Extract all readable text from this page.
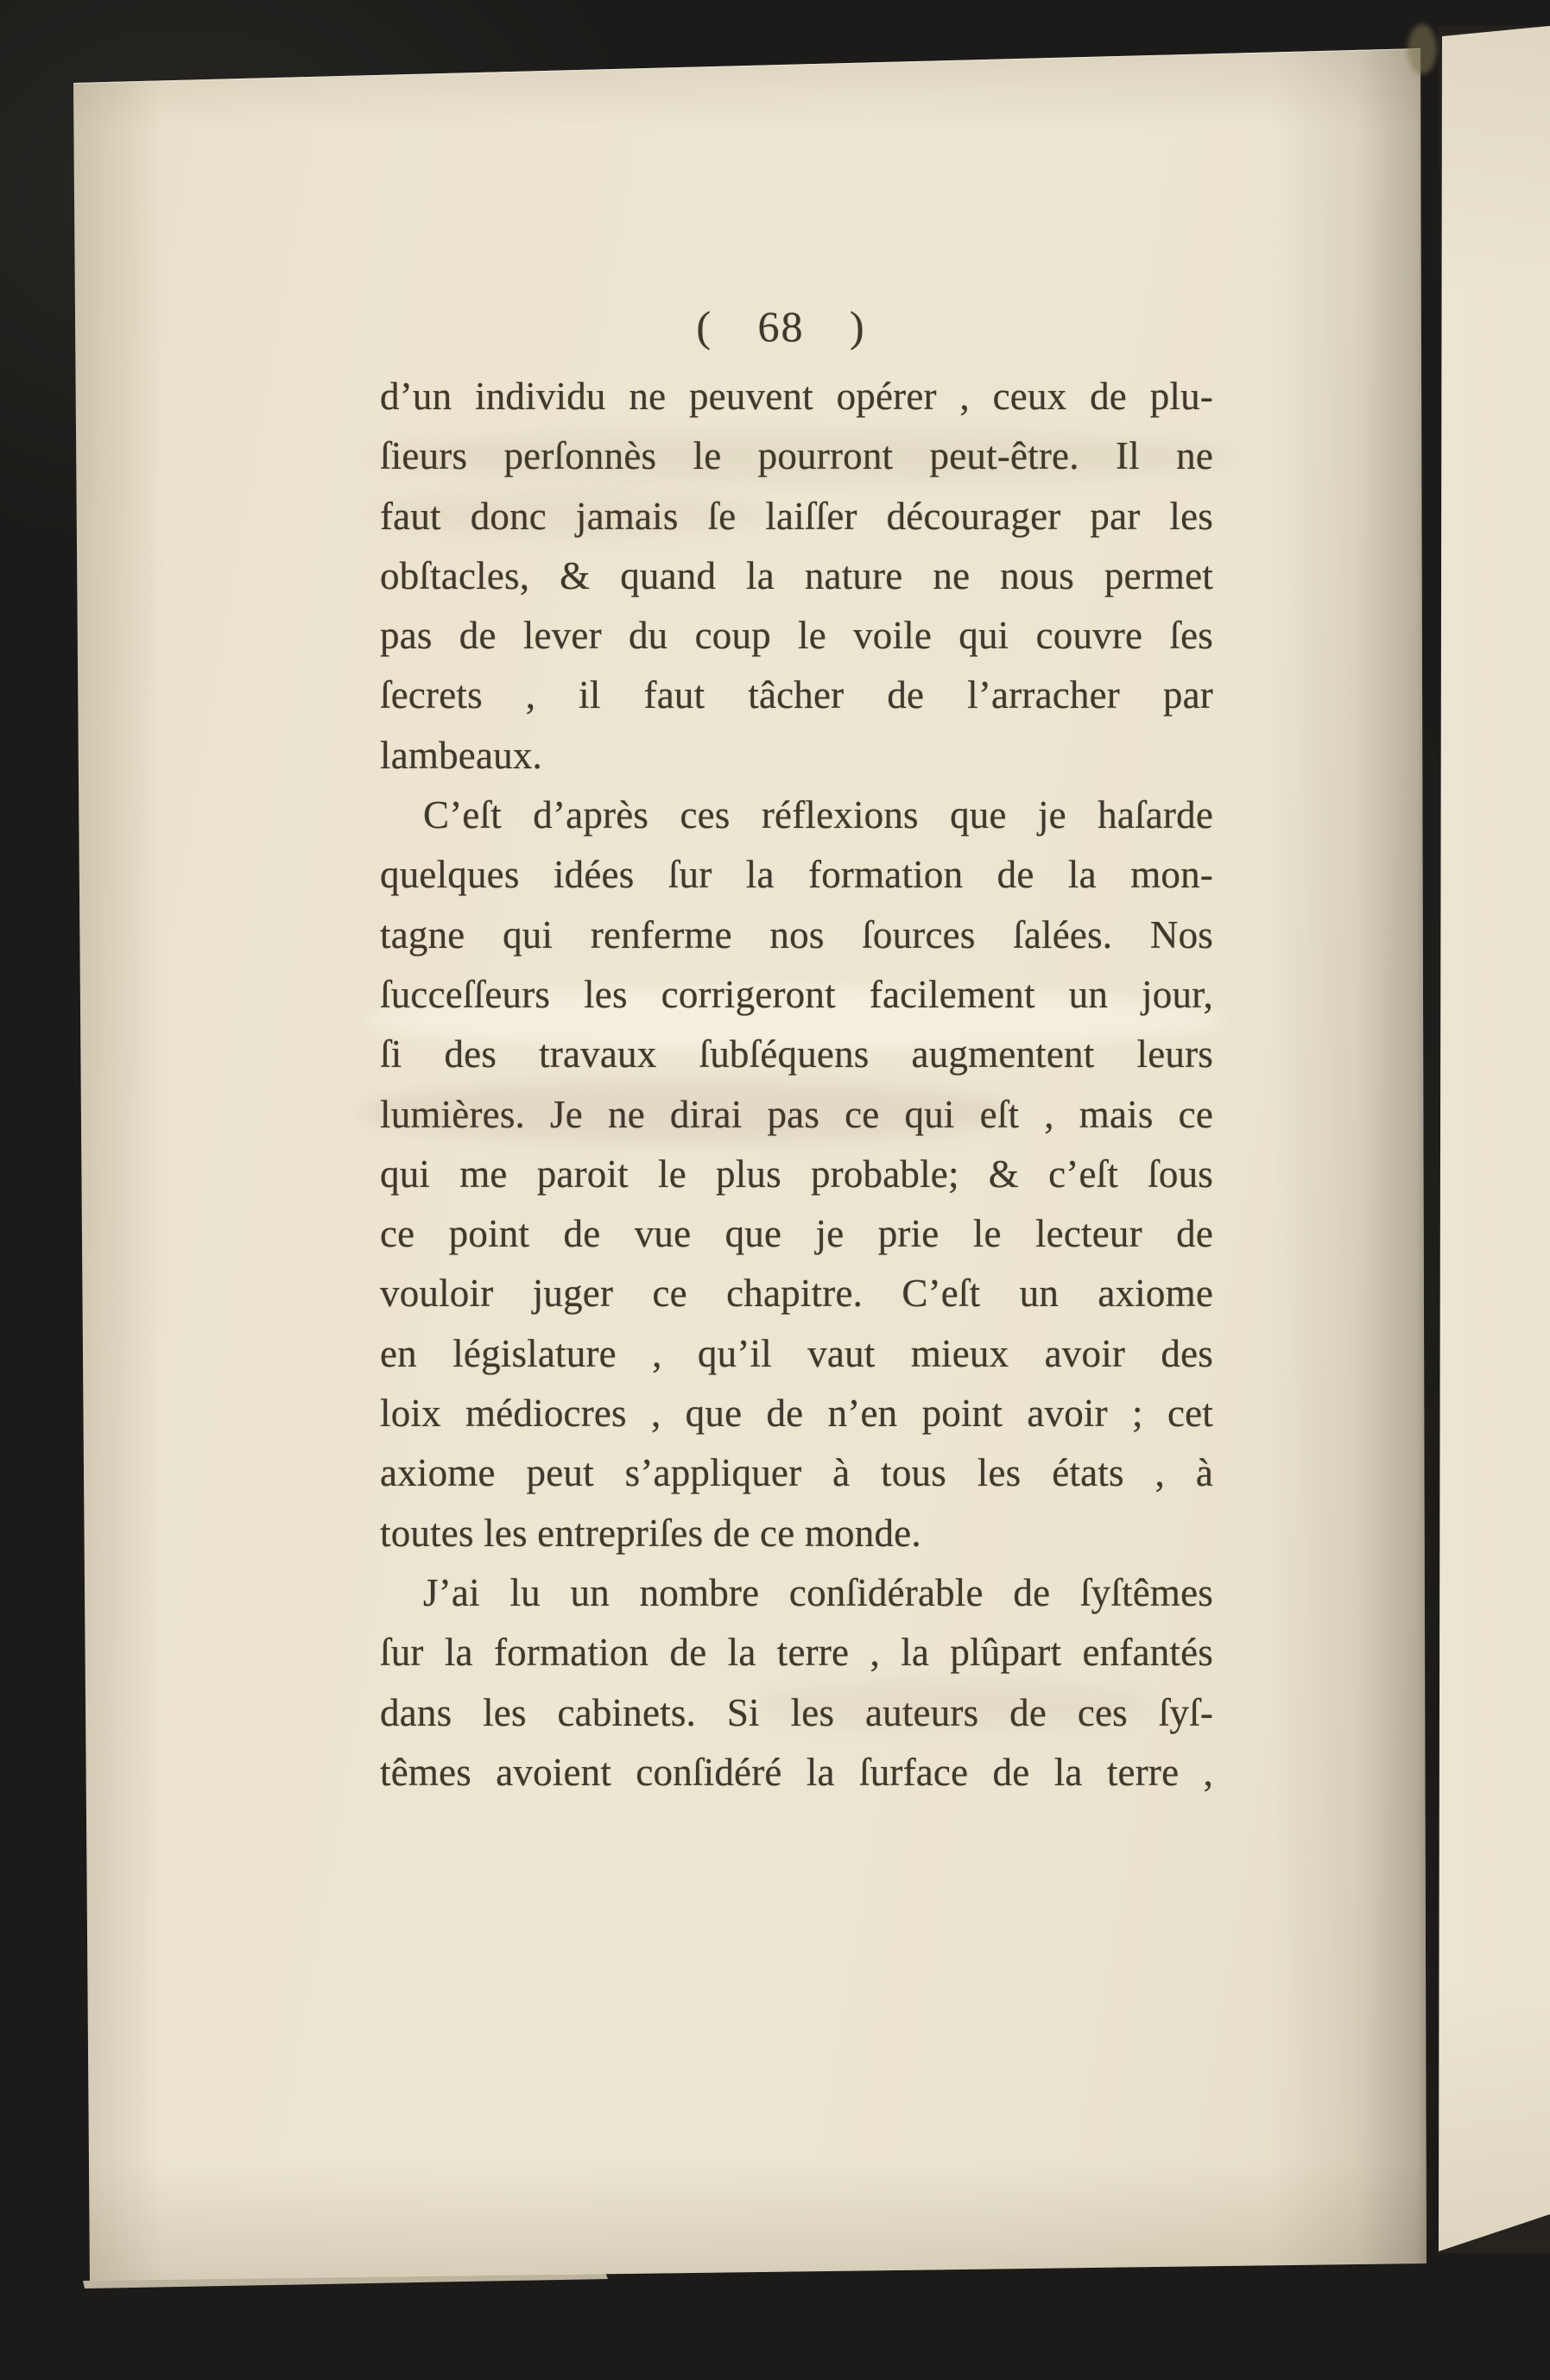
( 68 )
d’un individu ne peuvent opérer , ceux de plu-
ſieurs perſonnès le pourront peut-être. Il ne
faut donc jamais ſe laiſſer décourager par les
obſtacles, & quand la nature ne nous permet
pas de lever du coup le voile qui couvre ſes
ſecrets , il faut tâcher de l’arracher par
lambeaux.
C’eſt d’après ces réflexions que je haſarde
quelques idées ſur la formation de la mon-
tagne qui renferme nos ſources ſalées. Nos
ſucceſſeurs les corrigeront facilement un jour,
ſi des travaux ſubſéquens augmentent leurs
lumières. Je ne dirai pas ce qui eſt , mais ce
qui me paroit le plus probable; & c’eſt ſous
ce point de vue que je prie le lecteur de
vouloir juger ce chapitre. C’eſt un axiome
en législature , qu’il vaut mieux avoir des
loix médiocres , que de n’en point avoir ; cet
axiome peut s’appliquer à tous les états , à
toutes les entrepriſes de ce monde.
J’ai lu un nombre conſidérable de ſyſtêmes
ſur la formation de la terre , la plûpart enfantés
dans les cabinets. Si les auteurs de ces ſyſ-
têmes avoient conſidéré la ſurface de la terre ,
